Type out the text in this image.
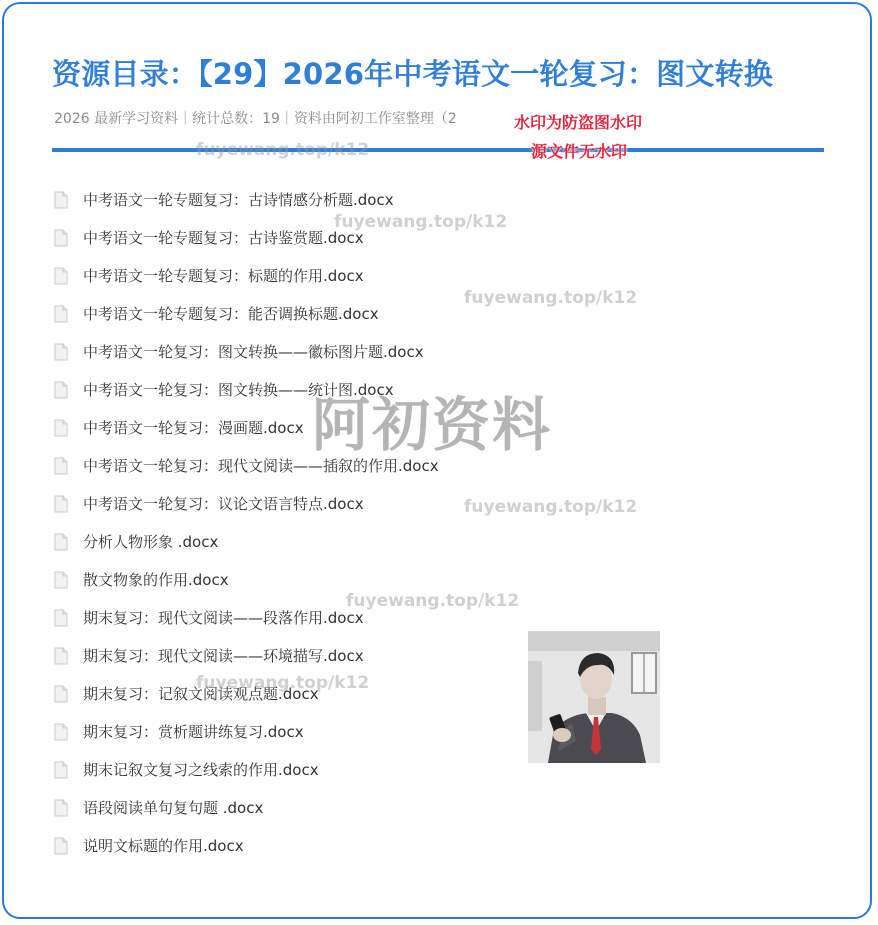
资源目录：【29】2026年中考语文一轮复习：图文转换
2026 最新学习资料｜统计总数：19｜资料由阿初工作室整理（2
中考语文一轮专题复习：古诗情感分析题.docx
中考语文一轮专题复习：古诗鉴赏题.docx
中考语文一轮专题复习：标题的作用.docx
中考语文一轮专题复习：能否调换标题.docx
中考语文一轮复习：图文转换——徽标图片题.docx
中考语文一轮复习：图文转换——统计图.docx
中考语文一轮复习：漫画题.docx
中考语文一轮复习：现代文阅读——插叙的作用.docx
中考语文一轮复习：议论文语言特点.docx
分析人物形象 .docx
散文物象的作用.docx
期末复习：现代文阅读——段落作用.docx
期末复习：现代文阅读——环境描写.docx
期末复习：记叙文阅读观点题.docx
期末复习：赏析题讲练复习.docx
期末记叙文复习之线索的作用.docx
语段阅读单句复句题 .docx
说明文标题的作用.docx
fuyewang.top/k12
fuyewang.top/k12
fuyewang.top/k12
fuyewang.top/k12
fuyewang.top/k12
fuyewang.top/k12
阿初资料
水印为防盗图水印
源文件无水印
